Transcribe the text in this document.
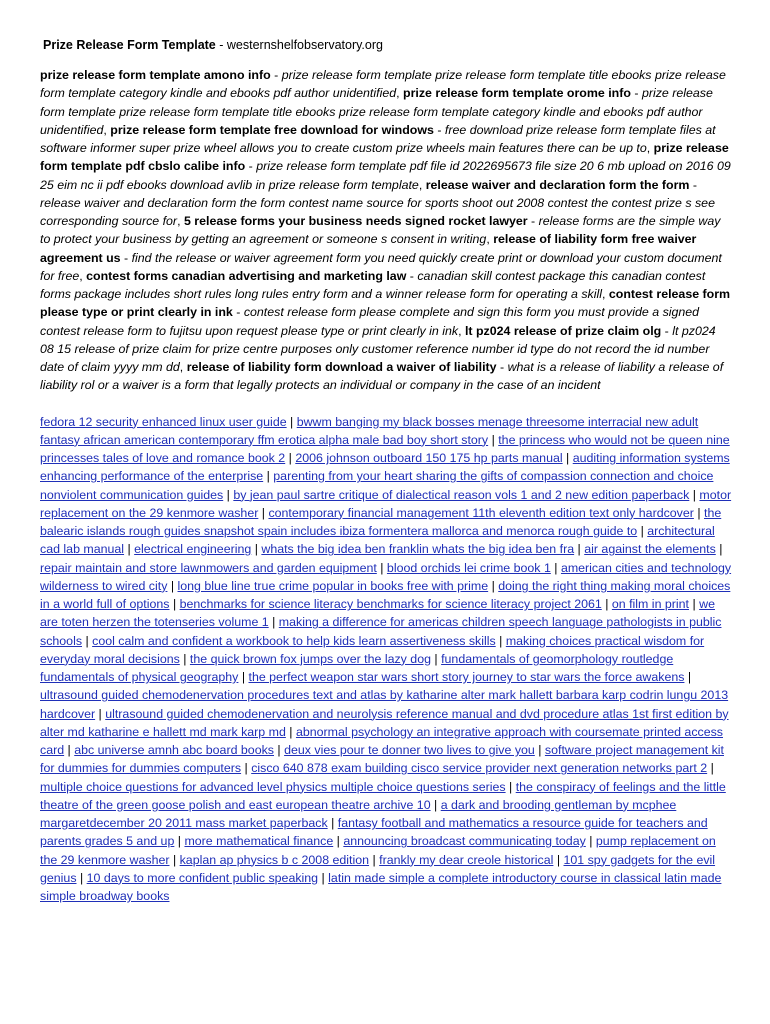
Prize Release Form Template - westernshelfobservatory.org
prize release form template amono info - prize release form template prize release form template title ebooks prize release form template category kindle and ebooks pdf author unidentified, prize release form template orome info - prize release form template prize release form template title ebooks prize release form template category kindle and ebooks pdf author unidentified, prize release form template free download for windows - free download prize release form template files at software informer super prize wheel allows you to create custom prize wheels main features there can be up to, prize release form template pdf cbslo calibe info - prize release form template pdf file id 2022695673 file size 20 6 mb upload on 2016 09 25 eim nc ii pdf ebooks download avlib in prize release form template, release waiver and declaration form the form - release waiver and declaration form the form contest name source for sports shoot out 2008 contest the contest prize s see corresponding source for, 5 release forms your business needs signed rocket lawyer - release forms are the simple way to protect your business by getting an agreement or someone s consent in writing, release of liability form free waiver agreement us - find the release or waiver agreement form you need quickly create print or download your custom document for free, contest forms canadian advertising and marketing law - canadian skill contest package this canadian contest forms package includes short rules long rules entry form and a winner release form for operating a skill, contest release form please type or print clearly in ink - contest release form please complete and sign this form you must provide a signed contest release form to fujitsu upon request please type or print clearly in ink, lt pz024 release of prize claim olg - lt pz024 08 15 release of prize claim for prize centre purposes only customer reference number id type do not record the id number date of claim yyyy mm dd, release of liability form download a waiver of liability - what is a release of liability a release of liability rol or a waiver is a form that legally protects an individual or company in the case of an incident
fedora 12 security enhanced linux user guide | bwwm banging my black bosses menage threesome interracial new adult fantasy african american contemporary ffm erotica alpha male bad boy short story | the princess who would not be queen nine princesses tales of love and romance book 2 | 2006 johnson outboard 150 175 hp parts manual | auditing information systems enhancing performance of the enterprise | parenting from your heart sharing the gifts of compassion connection and choice nonviolent communication guides | by jean paul sartre critique of dialectical reason vols 1 and 2 new edition paperback | motor replacement on the 29 kenmore washer | contemporary financial management 11th eleventh edition text only hardcover | the balearic islands rough guides snapshot spain includes ibiza formentera mallorca and menorca rough guide to | architectural cad lab manual | electrical engineering | whats the big idea ben franklin whats the big idea ben fra | air against the elements | repair maintain and store lawnmowers and garden equipment | blood orchids lei crime book 1 | american cities and technology wilderness to wired city | long blue line true crime popular in books free with prime | doing the right thing making moral choices in a world full of options | benchmarks for science literacy benchmarks for science literacy project 2061 | on film in print | we are toten herzen the totenseries volume 1 | making a difference for americas children speech language pathologists in public schools | cool calm and confident a workbook to help kids learn assertiveness skills | making choices practical wisdom for everyday moral decisions | the quick brown fox jumps over the lazy dog | fundamentals of geomorphology routledge fundamentals of physical geography | the perfect weapon star wars short story journey to star wars the force awakens | ultrasound guided chemodenervation procedures text and atlas by katharine alter mark hallett barbara karp codrin lungu 2013 hardcover | ultrasound guided chemodenervation and neurolysis reference manual and dvd procedure atlas 1st first edition by alter md katharine e hallett md mark karp md | abnormal psychology an integrative approach with coursemate printed access card | abc universe amnh abc board books | deux vies pour te donner two lives to give you | software project management kit for dummies for dummies computers | cisco 640 878 exam building cisco service provider next generation networks part 2 | multiple choice questions for advanced level physics multiple choice questions series | the conspiracy of feelings and the little theatre of the green goose polish and east european theatre archive 10 | a dark and brooding gentleman by mcphee margaretdecember 20 2011 mass market paperback | fantasy football and mathematics a resource guide for teachers and parents grades 5 and up | more mathematical finance | announcing broadcast communicating today | pump replacement on the 29 kenmore washer | kaplan ap physics b c 2008 edition | frankly my dear creole historical | 101 spy gadgets for the evil genius | 10 days to more confident public speaking | latin made simple a complete introductory course in classical latin made simple broadway books
